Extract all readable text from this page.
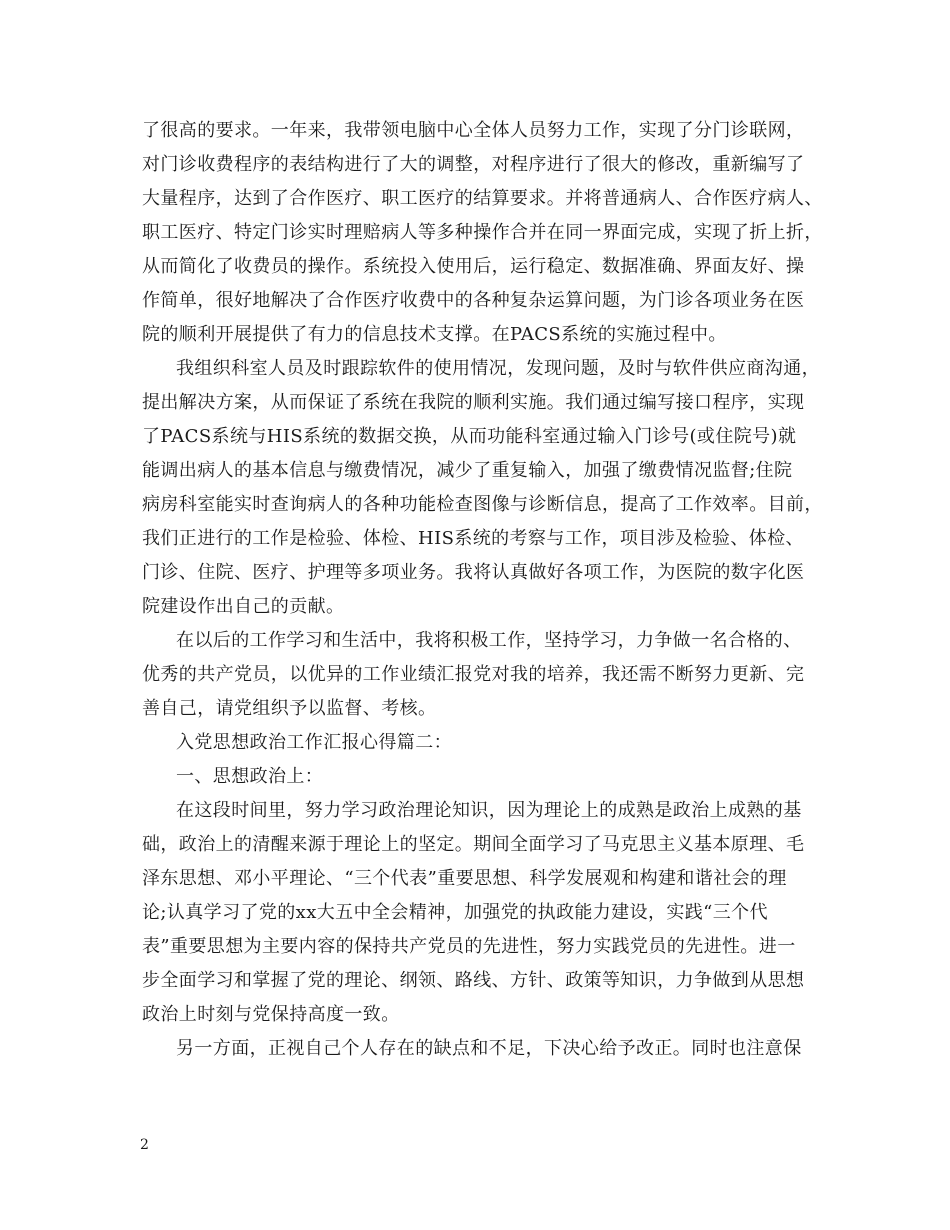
了很高的要求。一年来，我带领电脑中心全体人员努力工作，实现了分门诊联网，
对门诊收费程序的表结构进行了大的调整，对程序进行了很大的修改，重新编写了
大量程序，达到了合作医疗、职工医疗的结算要求。并将普通病人、合作医疗病人、
职工医疗、特定门诊实时理赔病人等多种操作合并在同一界面完成，实现了折上折，
从而简化了收费员的操作。系统投入使用后，运行稳定、数据准确、界面友好、操
作简单，很好地解决了合作医疗收费中的各种复杂运算问题，为门诊各项业务在医
院的顺利开展提供了有力的信息技术支撑。在PACS系统的实施过程中。
我组织科室人员及时跟踪软件的使用情况，发现问题，及时与软件供应商沟通，
提出解决方案，从而保证了系统在我院的顺利实施。我们通过编写接口程序，实现
了PACS系统与HIS系统的数据交换，从而功能科室通过输入门诊号(或住院号)就
能调出病人的基本信息与缴费情况，减少了重复输入，加强了缴费情况监督;住院
病房科室能实时查询病人的各种功能检查图像与诊断信息，提高了工作效率。目前，
我们正进行的工作是检验、体检、HIS系统的考察与工作，项目涉及检验、体检、
门诊、住院、医疗、护理等多项业务。我将认真做好各项工作，为医院的数字化医
院建设作出自己的贡献。
在以后的工作学习和生活中，我将积极工作，坚持学习，力争做一名合格的、
优秀的共产党员，以优异的工作业绩汇报党对我的培养，我还需不断努力更新、完
善自己，请党组织予以监督、考核。
入党思想政治工作汇报心得篇二：
一、思想政治上：
在这段时间里，努力学习政治理论知识，因为理论上的成熟是政治上成熟的基
础，政治上的清醒来源于理论上的坚定。期间全面学习了马克思主义基本原理、毛
泽东思想、邓小平理论、“三个代表”重要思想、科学发展观和构建和谐社会的理
论;认真学习了党的xx大五中全会精神，加强党的执政能力建设，实践“三个代
表”重要思想为主要内容的保持共产党员的先进性，努力实践党员的先进性。进一
步全面学习和掌握了党的理论、纲领、路线、方针、政策等知识，力争做到从思想
政治上时刻与党保持高度一致。
另一方面，正视自己个人存在的缺点和不足，下决心给予改正。同时也注意保
2
